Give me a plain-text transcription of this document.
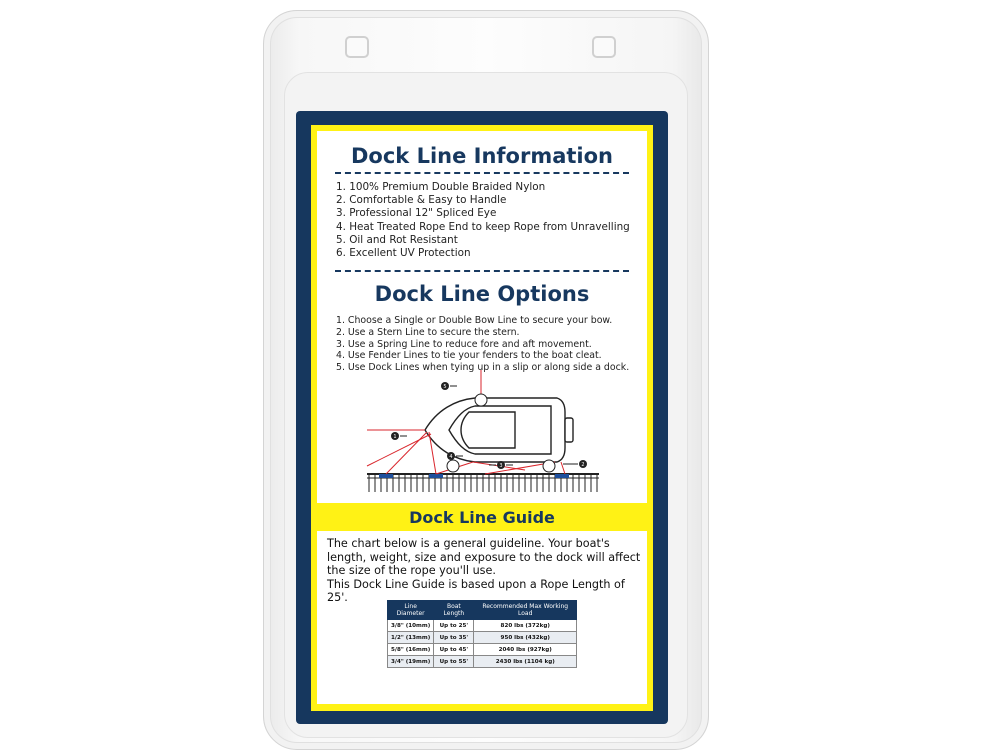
Dock Line Information
1. 100% Premium Double Braided Nylon
2. Comfortable & Easy to Handle
3. Professional 12" Spliced Eye
4. Heat Treated Rope End to keep Rope from Unravelling
5. Oil and Rot Resistant
6. Excellent UV Protection
Dock Line Options
1. Choose a Single or Double Bow Line to secure your bow.
2. Use a Stern Line to secure the stern.
3. Use a Spring Line to reduce fore and aft movement.
4. Use Fender Lines to tie your fenders to the boat cleat.
5. Use Dock Lines when tying up in a slip or along side a dock.
1
2
3
4
5
Dock Line Guide

The chart below is a general guideline. Your boat's

length, weight, size and exposure to the dock will affect

the size of the rope you'll use.

This Dock Line Guide is based upon a Rope Length of 25'.

Line Diameter	Boat Length	Recommended Max Working Load
3/8" (10mm)	Up to 25'	820 lbs (372kg)
1/2" (13mm)	Up to 35'	950 lbs (432kg)
5/8" (16mm)	Up to 45'	2040 lbs (927kg)
3/4" (19mm)	Up to 55'	2430 lbs (1104 kg)
